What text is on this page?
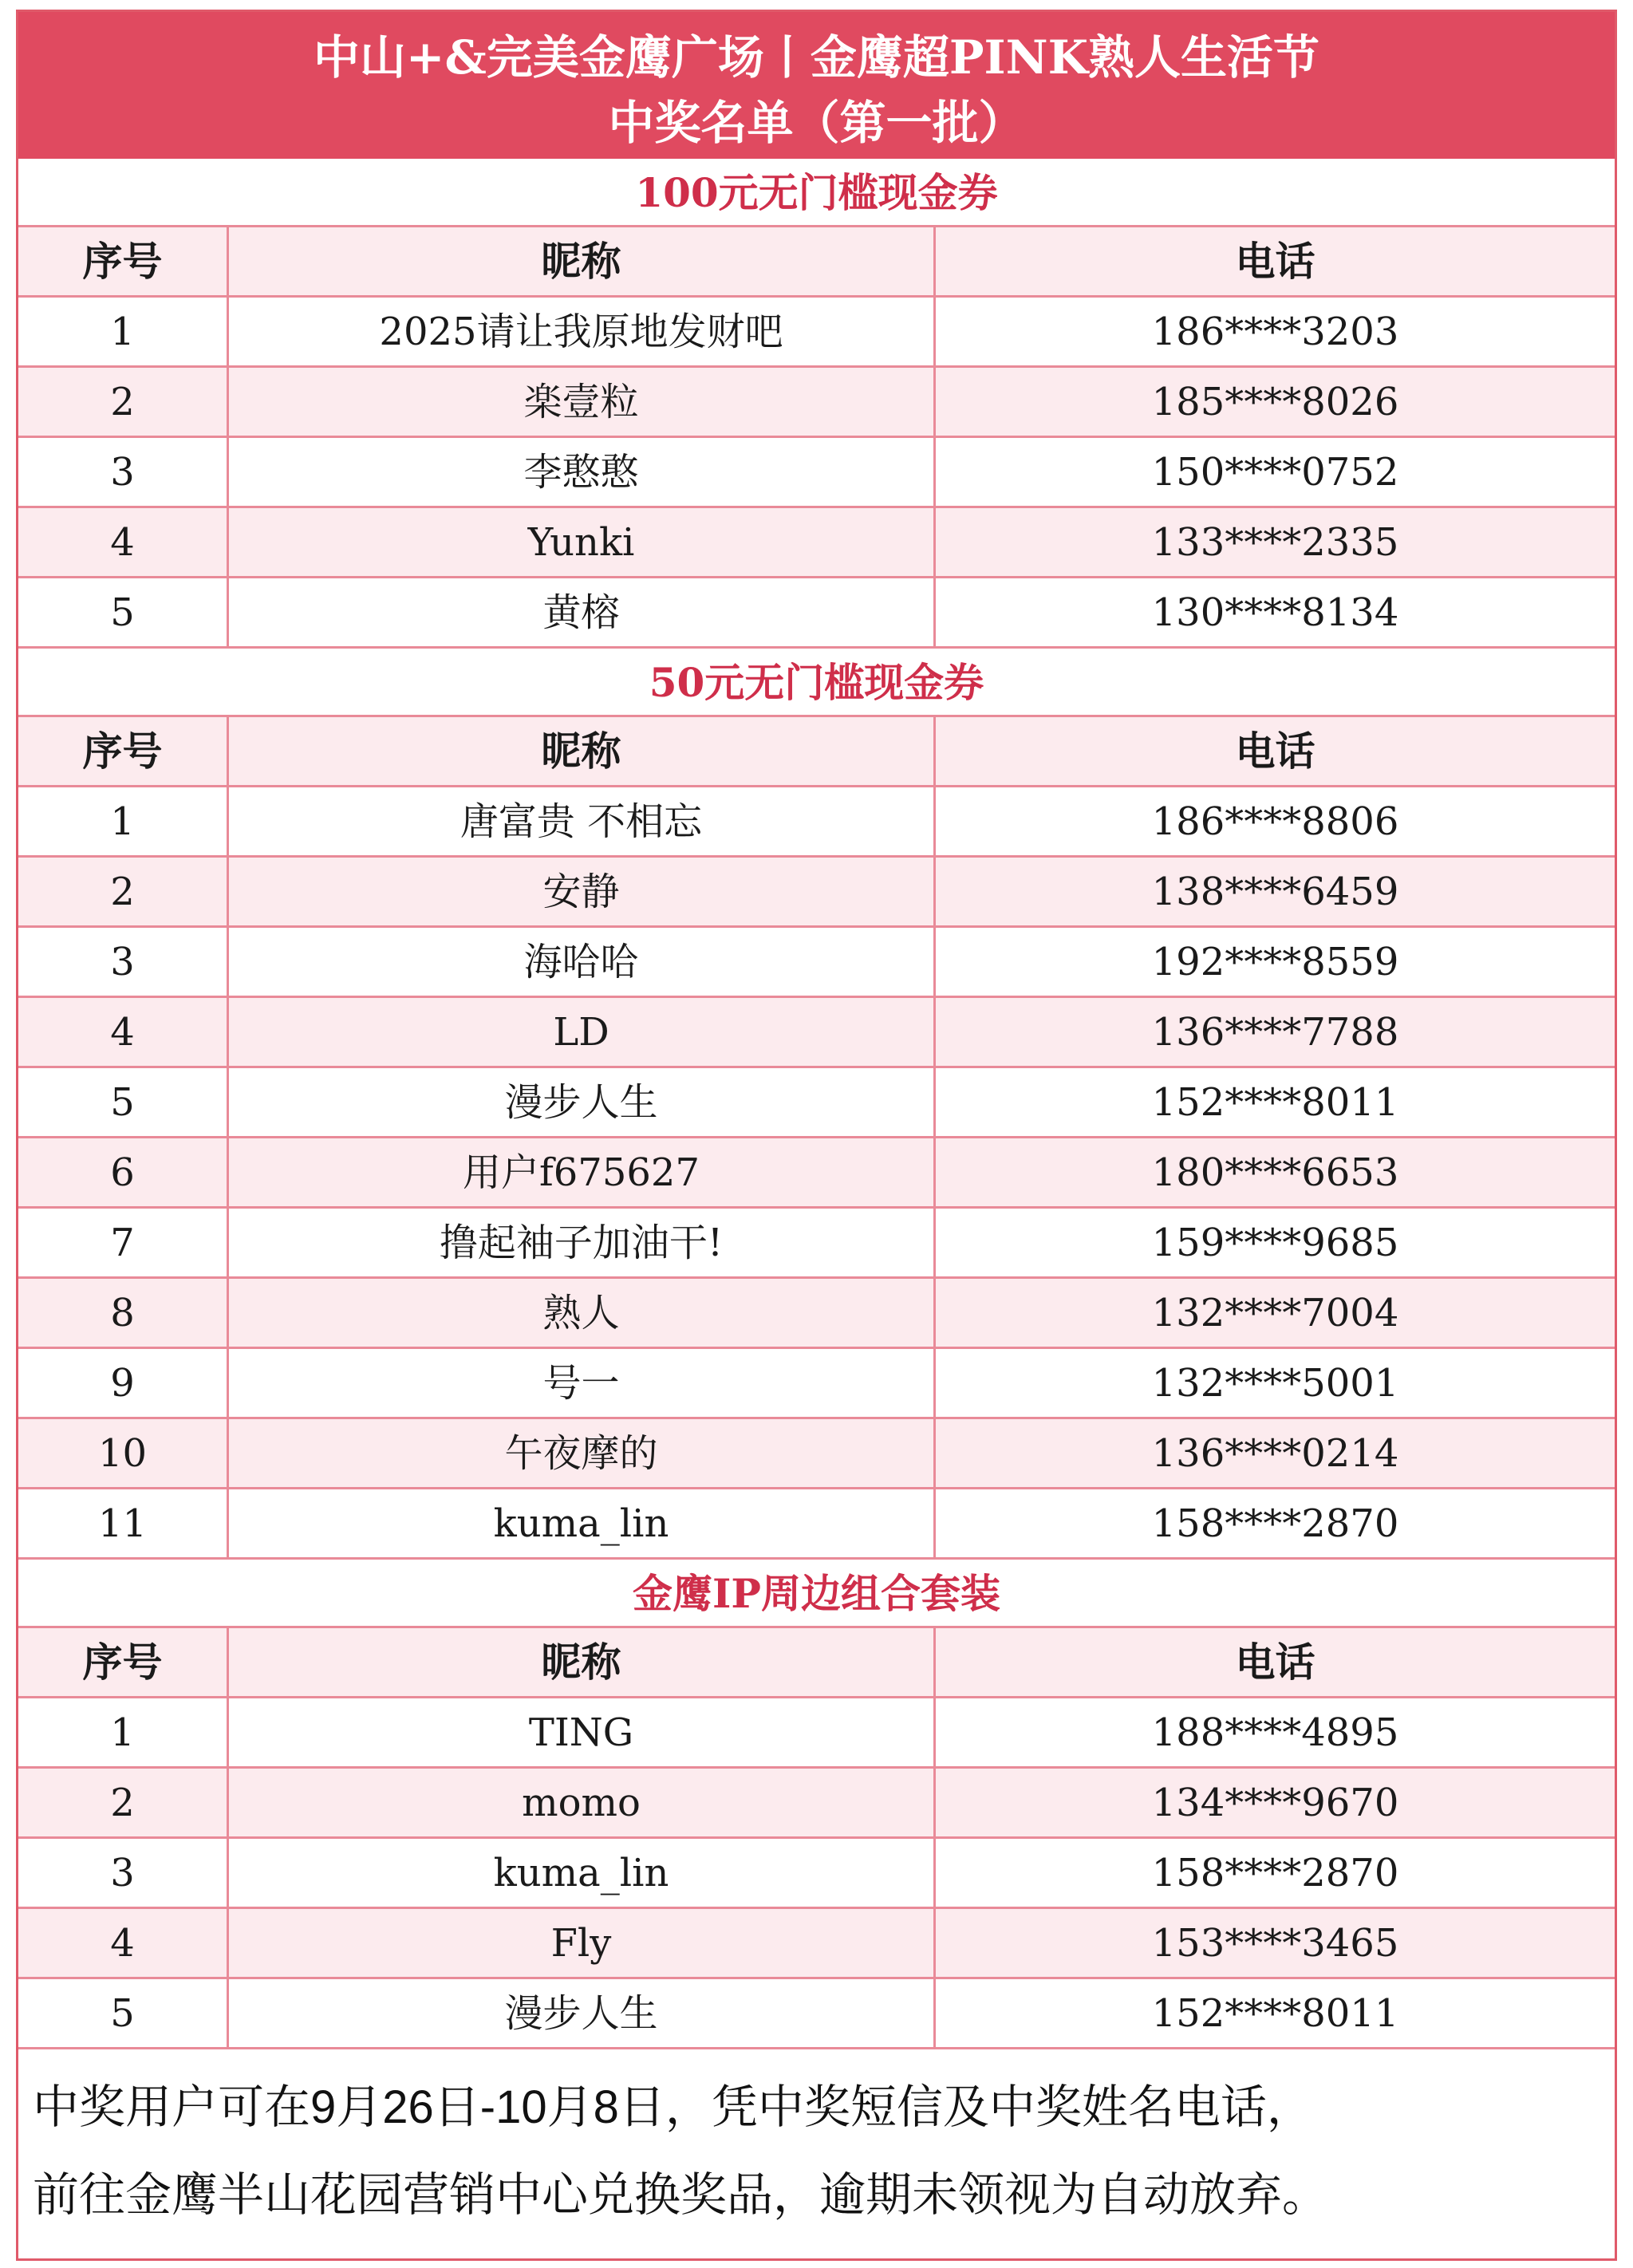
中山+&完美金鹰广场丨金鹰超PINK熟人生活节
中奖名单（第一批）
100元无门槛现金券
序号	昵称	电话
1	2025请让我原地发财吧	186****3203
2	楽壹粒	185****8026
3	李憨憨	150****0752
4	Yunki	133****2335
5	黄榕	130****8134
50元无门槛现金券
序号	昵称	电话
1	唐富贵 不相忘	186****8806
2	安静	138****6459
3	海哈哈	192****8559
4	LD	136****7788
5	漫步人生	152****8011
6	用户f675627	180****6653
7	撸起袖子加油干!	159****9685
8	熟人	132****7004
9	号一	132****5001
10	午夜摩的	136****0214
11	kuma_lin	158****2870
金鹰IP周边组合套装
序号	昵称	电话
1	TING	188****4895
2	momo	134****9670
3	kuma_lin	158****2870
4	Fly	153****3465
5	漫步人生	152****8011
中奖用户可在9月26日-10月8日，凭中奖短信及中奖姓名电话，
前往金鹰半山花园营销中心兑换奖品，逾期未领视为自动放弃。
